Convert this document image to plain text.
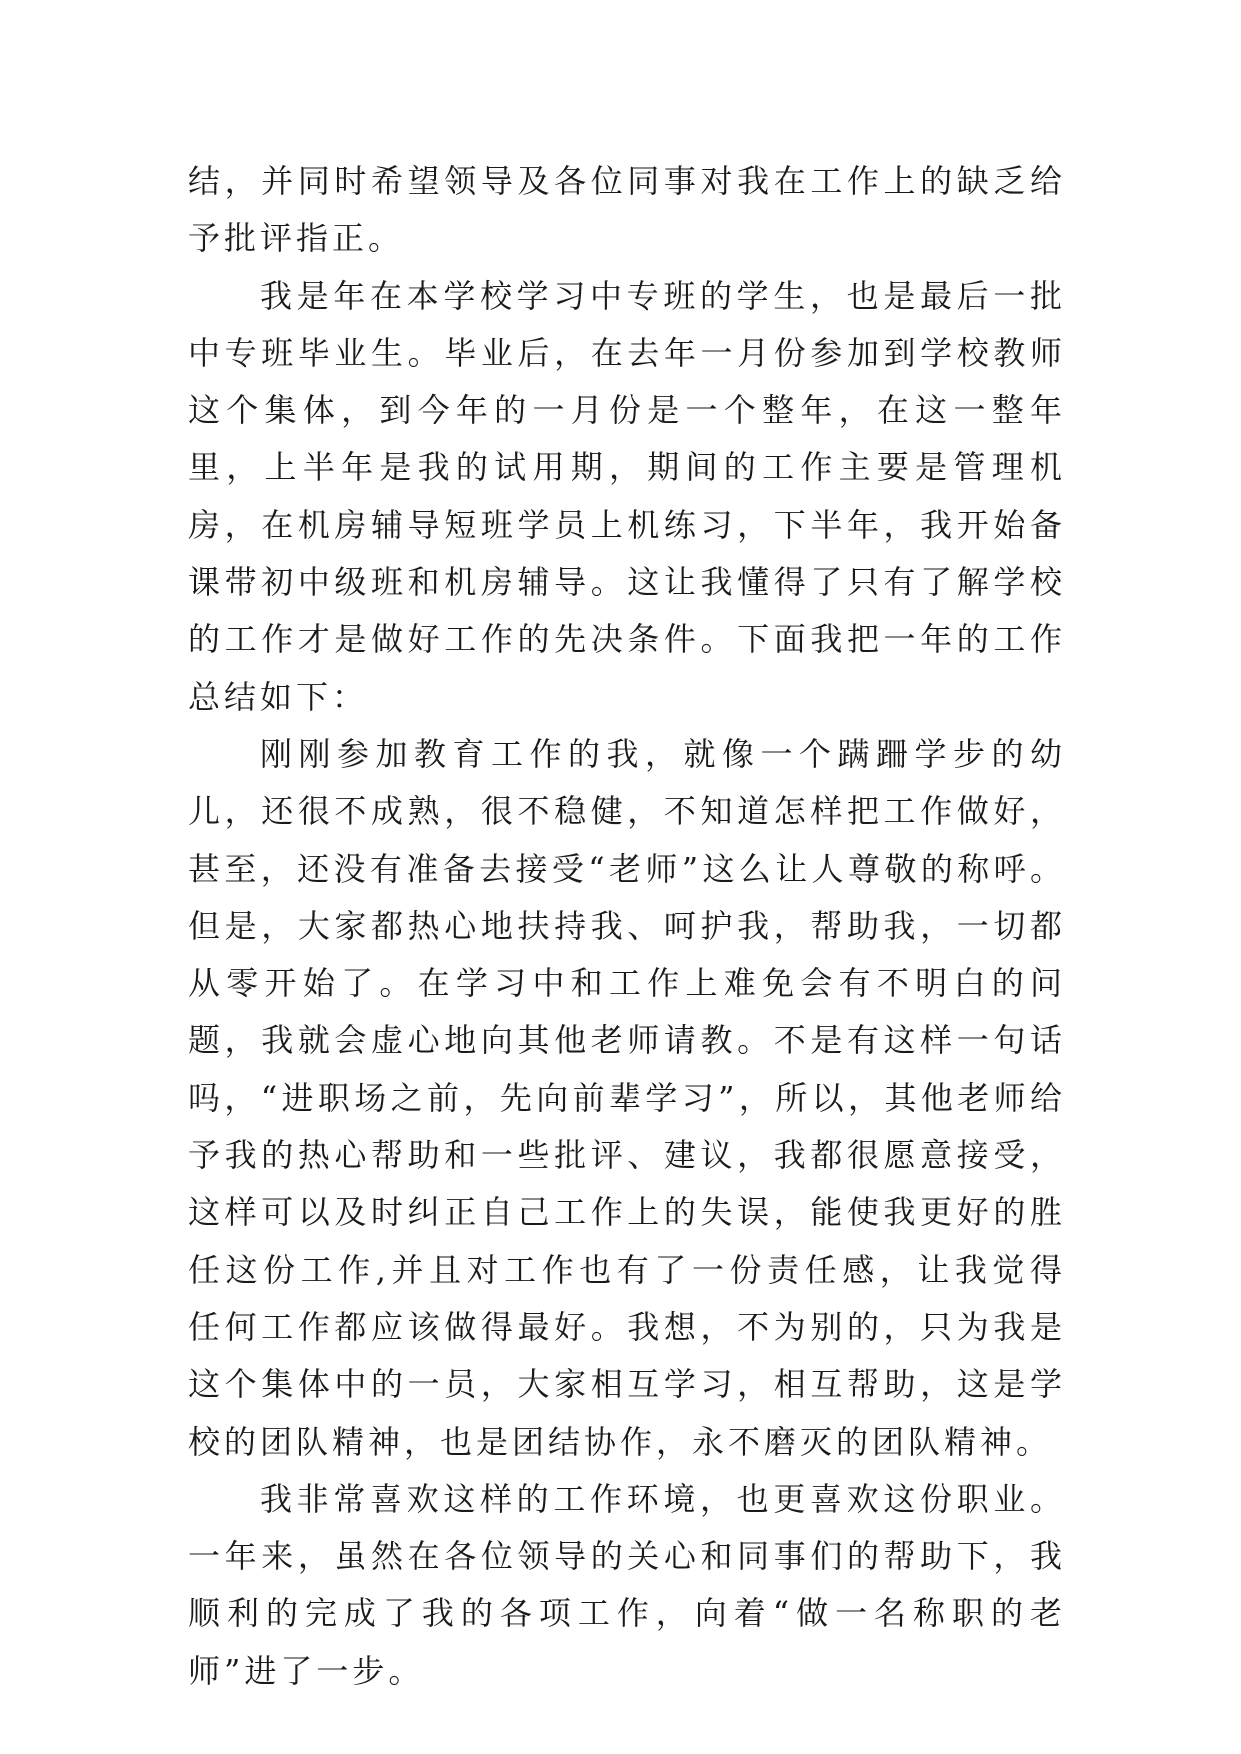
结，并同时希望领导及各位同事对我在工作上的缺乏给予批评指正。

我是年在本学校学习中专班的学生，也是最后一批中专班毕业生。毕业后，在去年一月份参加到学校教师这个集体，到今年的一月份是一个整年，在这一整年里，上半年是我的试用期，期间的工作主要是管理机房，在机房辅导短班学员上机练习，下半年，我开始备课带初中级班和机房辅导。这让我懂得了只有了解学校的工作才是做好工作的先决条件。下面我把一年的工作总结如下：

刚刚参加教育工作的我，就像一个蹒跚学步的幼儿，还很不成熟，很不稳健，不知道怎样把工作做好，甚至，还没有准备去接受“老师”这么让人尊敬的称呼。但是，大家都热心地扶持我、呵护我，帮助我，一切都从零开始了。在学习中和工作上难免会有不明白的问题，我就会虚心地向其他老师请教。不是有这样一句话吗，“进职场之前，先向前辈学习”，所以，其他老师给予我的热心帮助和一些批评、建议，我都很愿意接受，这样可以及时纠正自己工作上的失误，能使我更好的胜任这份工作,并且对工作也有了一份责任感，让我觉得任何工作都应该做得最好。我想，不为别的，只为我是这个集体中的一员，大家相互学习，相互帮助，这是学校的团队精神，也是团结协作，永不磨灭的团队精神。

我非常喜欢这样的工作环境，也更喜欢这份职业。一年来，虽然在各位领导的关心和同事们的帮助下，我顺利的完成了我的各项工作，向着“做一名称职的老师”进了一步。
